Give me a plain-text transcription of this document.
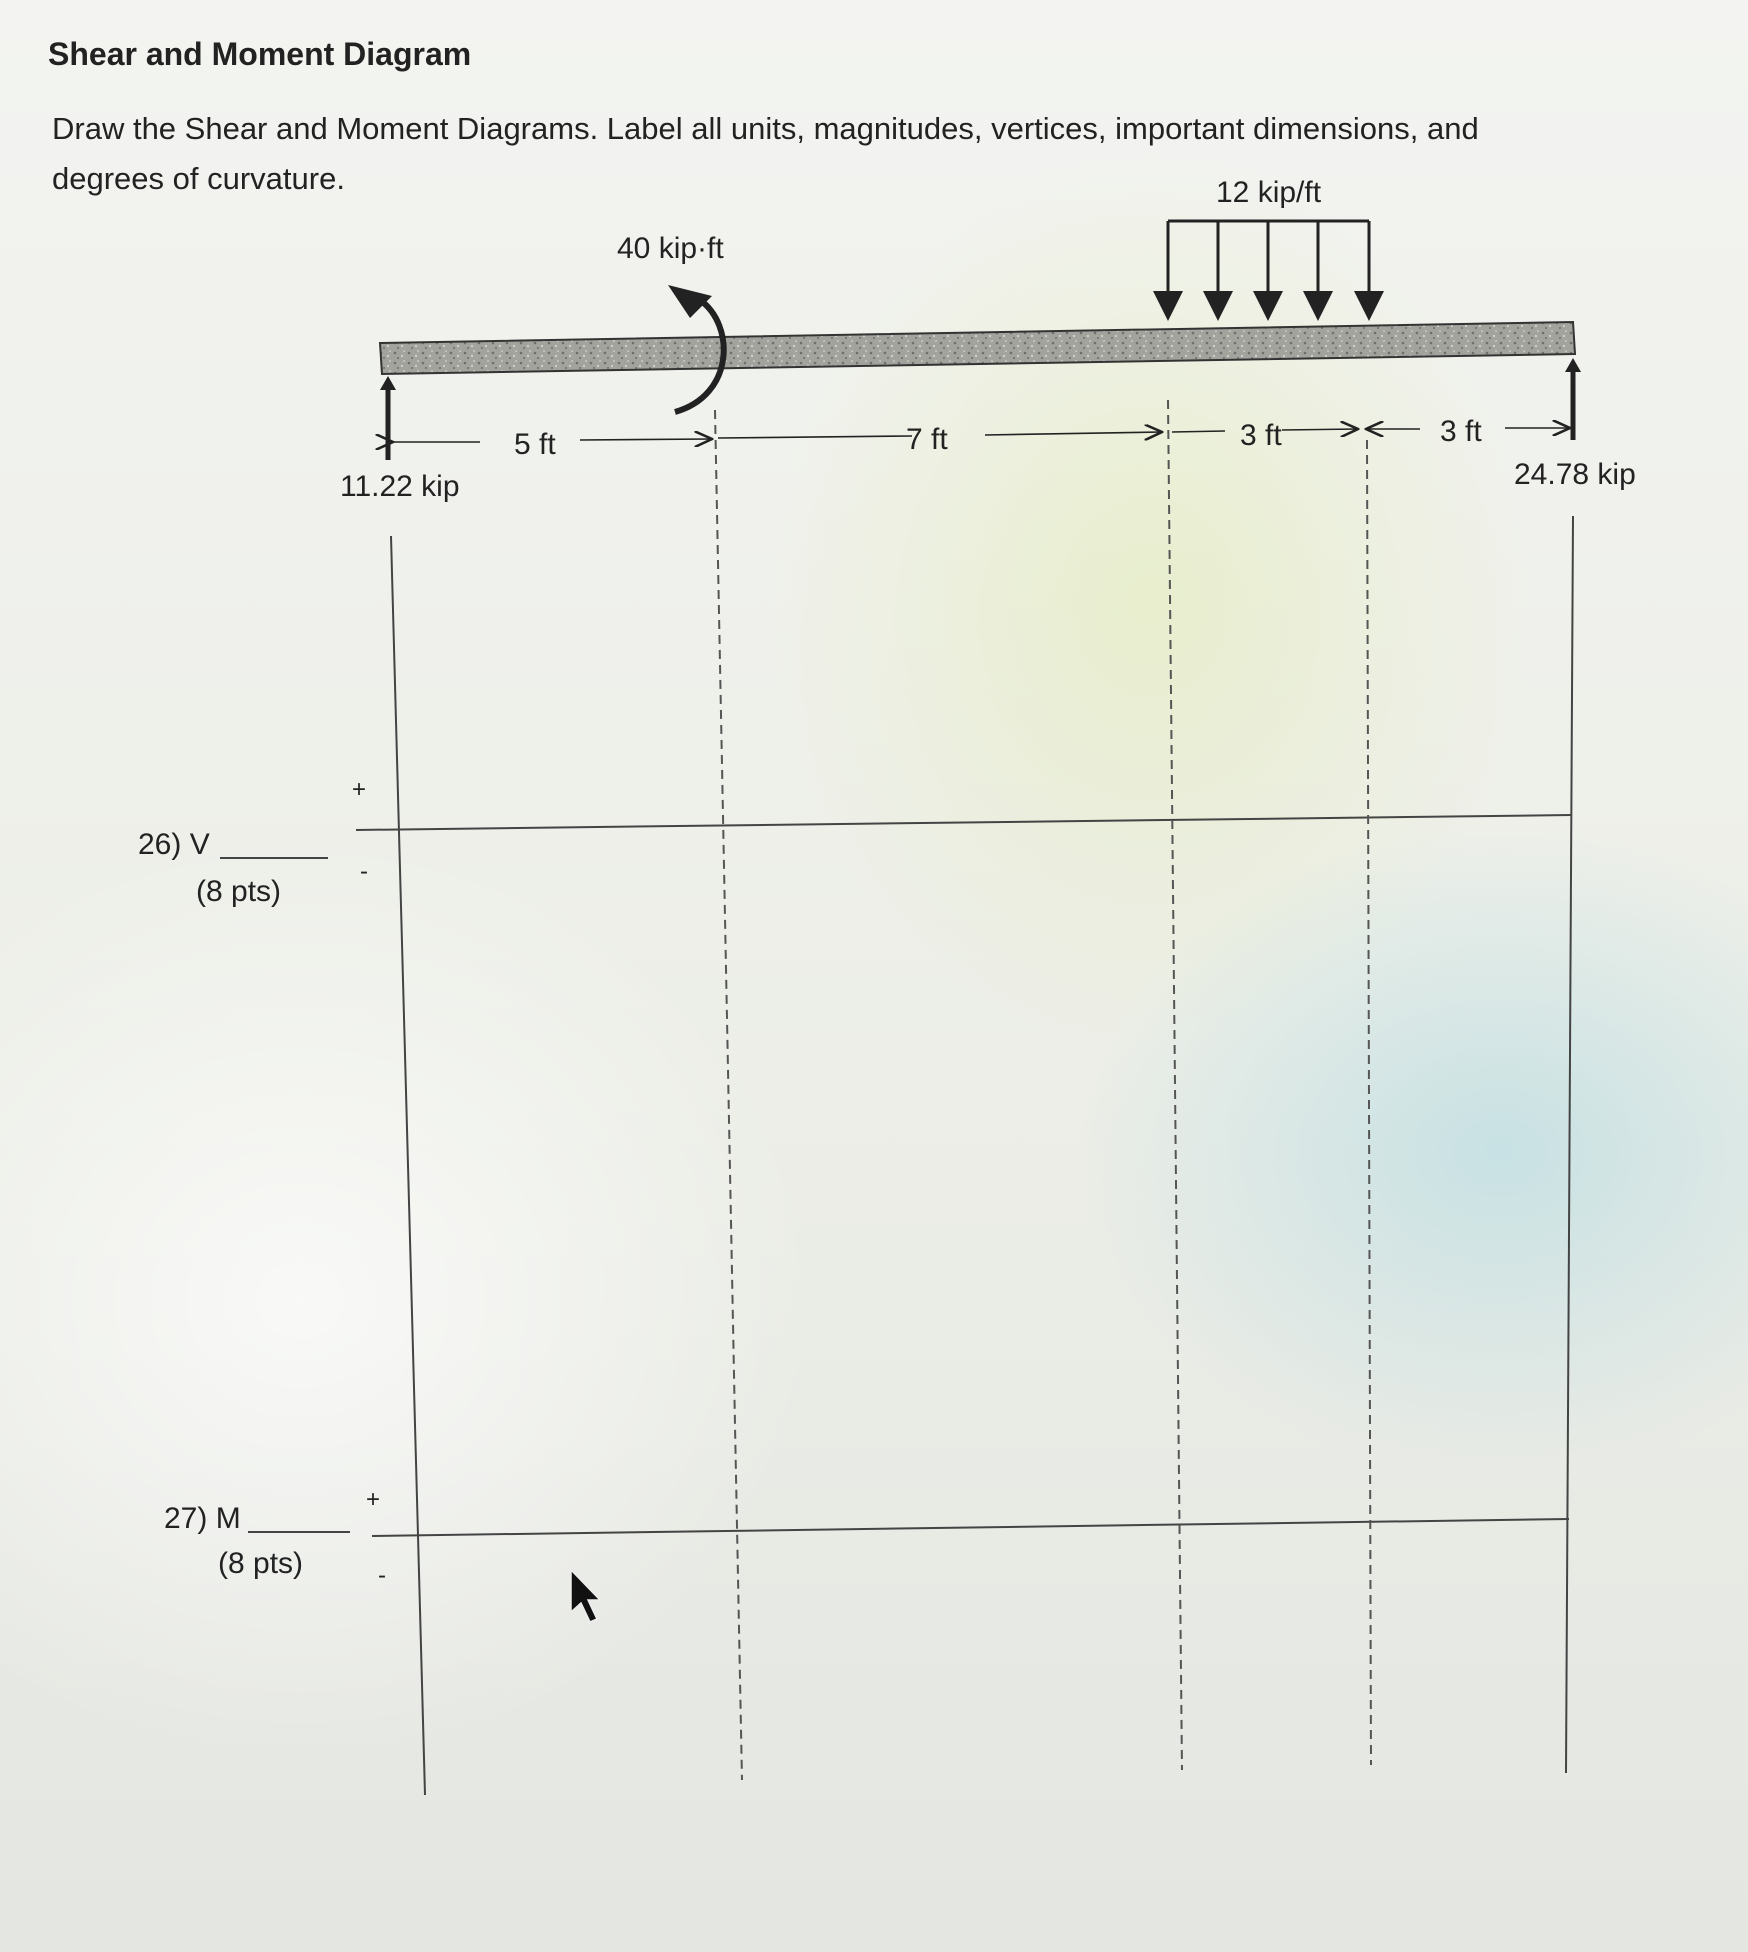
Shear and Moment Diagram
Draw the Shear and Moment Diagrams. Label all units, magnitudes, vertices, important dimensions, and degrees of curvature.	12 kip/ft
40 kip·ft
11.22 kip	24.78 kip
5 ft	7 ft	3 ft	3 ft
26) V
(8 pts)
+
-
27) M
(8 pts)
+
-
